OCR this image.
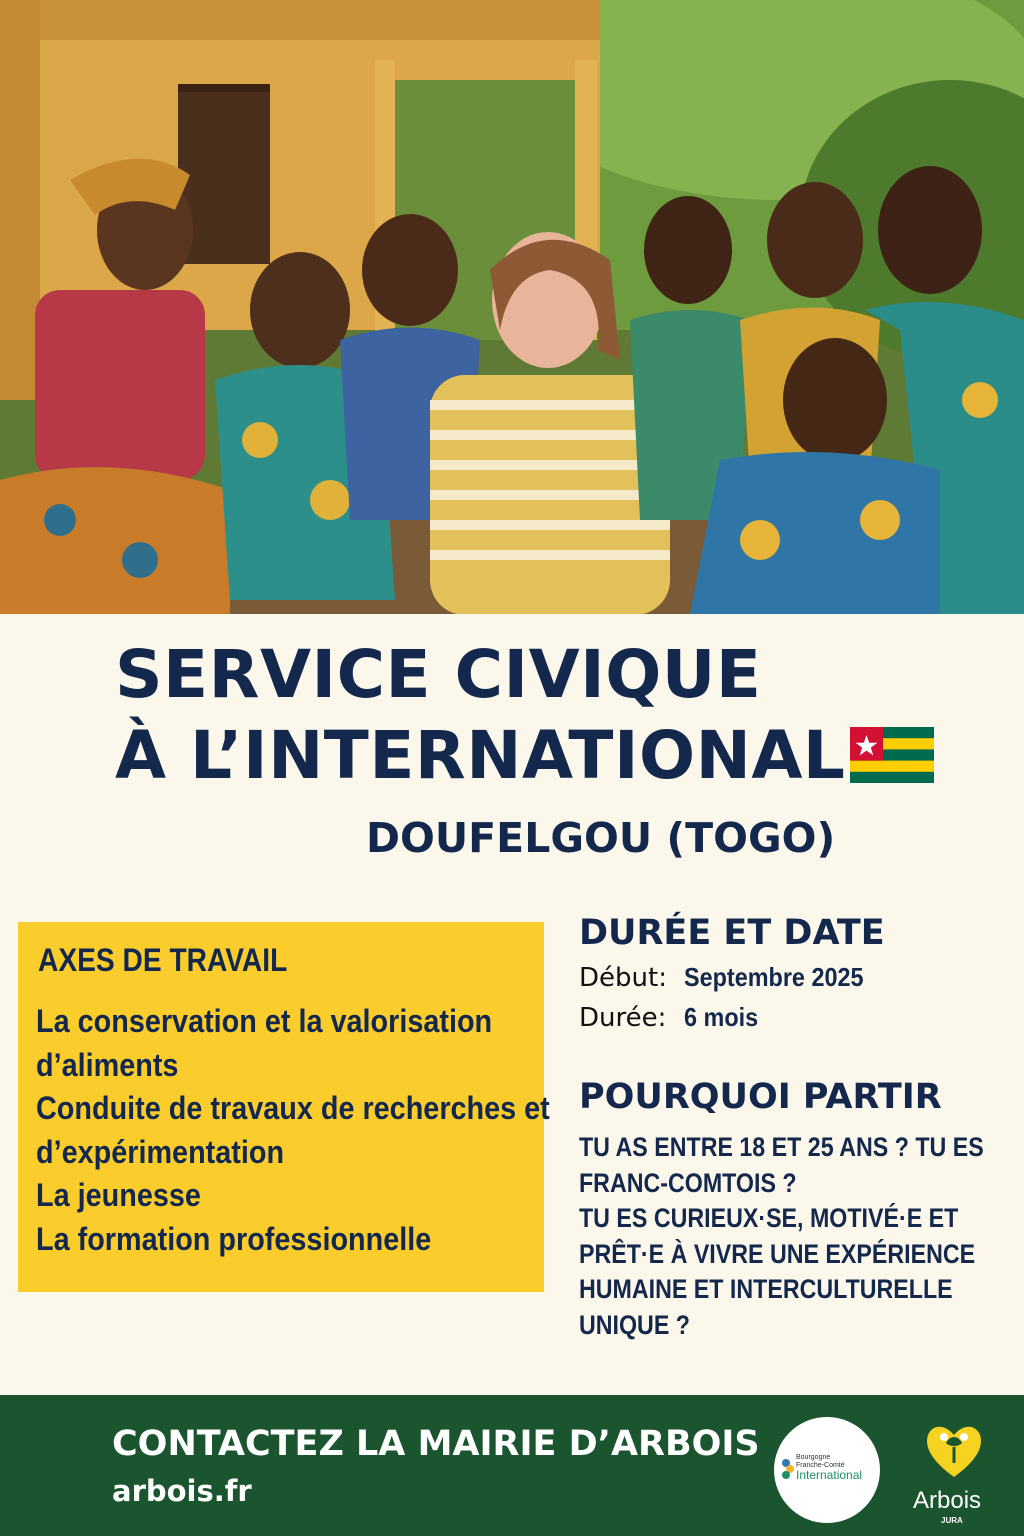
SERVICE CIVIQUE
À L’INTERNATIONAL
DOUFELGOU (TOGO)
AXES DE TRAVAIL
La conservation et la valorisation
d’aliments
Conduite de travaux de recherches et
d’expérimentation
La jeunesse
La formation professionnelle
DURÉE ET DATE
Début: Septembre 2025
Durée: 6 mois
POURQUOI PARTIR

TU AS ENTRE 18 ET 25 ANS ? TU ES
FRANC-COMTOIS ?
TU ES CURIEUX·SE, MOTIVÉ·E ET
PRÊT·E À VIVRE UNE EXPÉRIENCE
HUMAINE ET INTERCULTURELLE
UNIQUE ?

CONTACTEZ LA MAIRIE D’ARBOIS
arbois.fr
Bourgogne
Franche-Comté
International
Arbois
JURA
